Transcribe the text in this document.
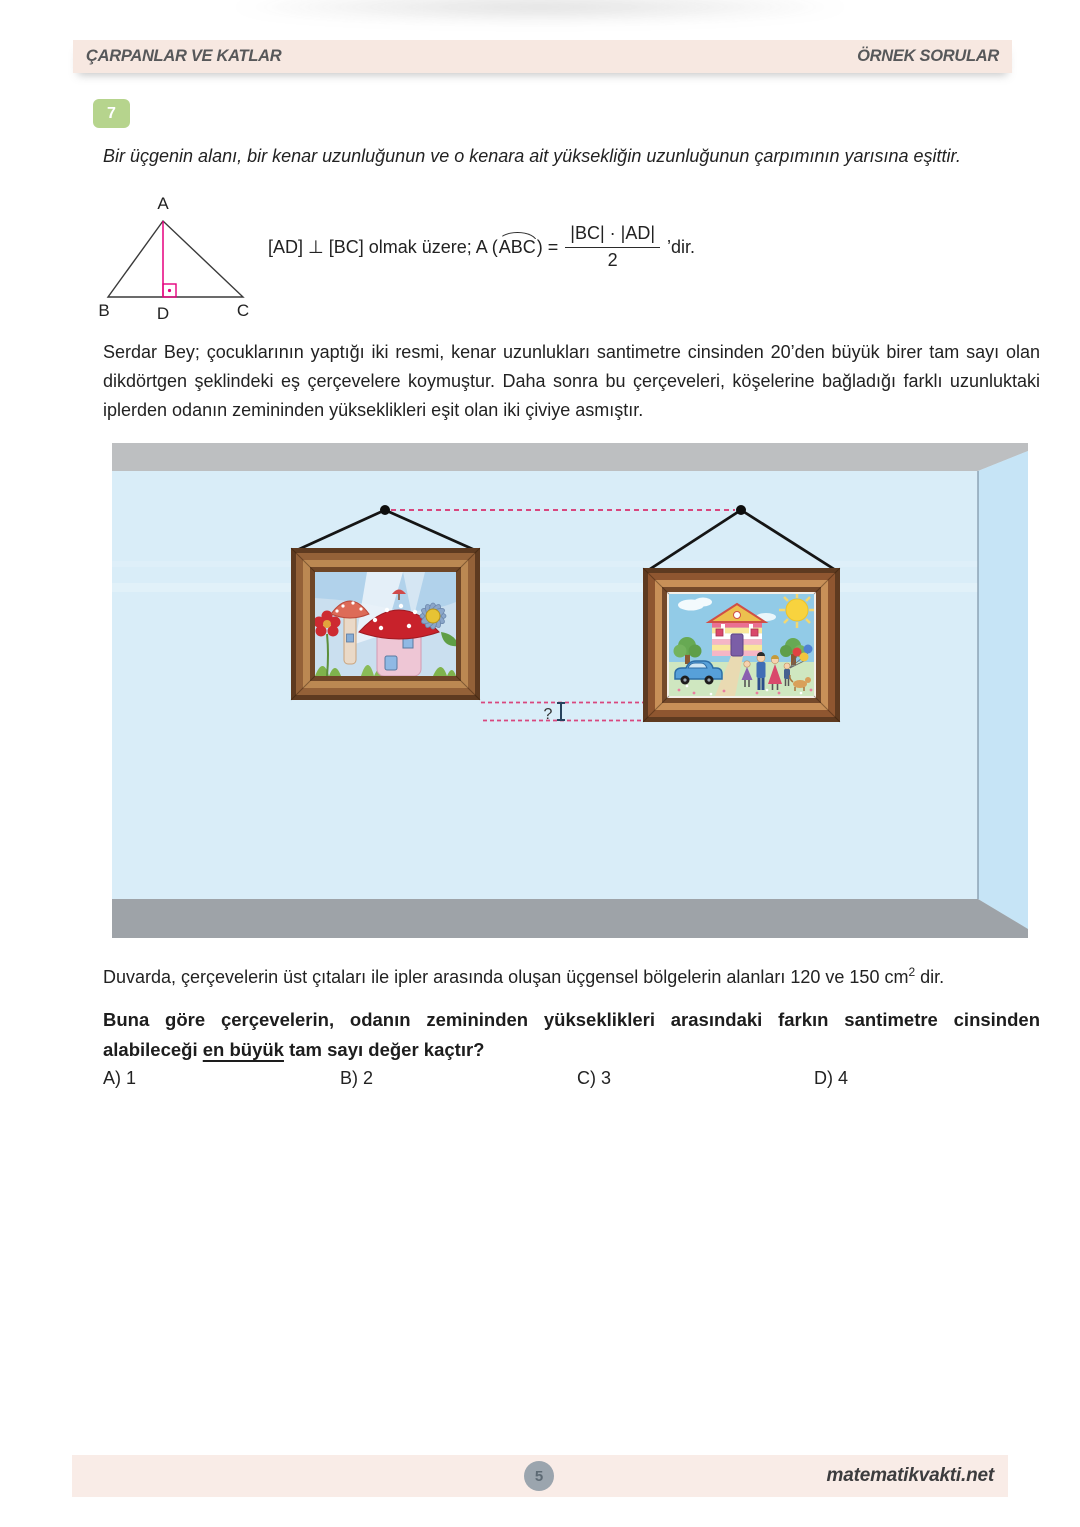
ÇARPANLAR VE KATLAR	ÖRNEK SORULAR
7
Bir üçgenin alanı, bir kenar uzunluğunun ve o kenara ait yüksekliğin uzunluğunun çarpımının yarısına eşittir.
A
B	D	C
[AD] ⊥ [BC] olmak üzere; A ( ABC ) = $\frac{|BC| \cdot |AD|}{2}$ ’dir.
Serdar Bey; çocuklarının yaptığı iki resmi, kenar uzunlukları santimetre cinsinden 20’den büyük birer tam sayı olan dikdörtgen şeklindeki eş çerçevelere koymuştur. Daha sonra bu çerçeveleri, köşelerine bağladığı farklı uzunluktaki iplerden odanın zemininden yükseklikleri eşit olan iki çiviye asmıştır.
?
Duvarda, çerçevelerin üst çıtaları ile ipler arasında oluşan üçgensel bölgelerin alanları 120 ve 150 $cm^2$ dir.
Buna göre çerçevelerin, odanın zemininden yükseklikleri arasındaki farkın santimetre cinsinden alabileceği en büyük tam sayı değer kaçtır?
A) 1	B) 2	C) 3	D) 4
5	matematikvakti.net
